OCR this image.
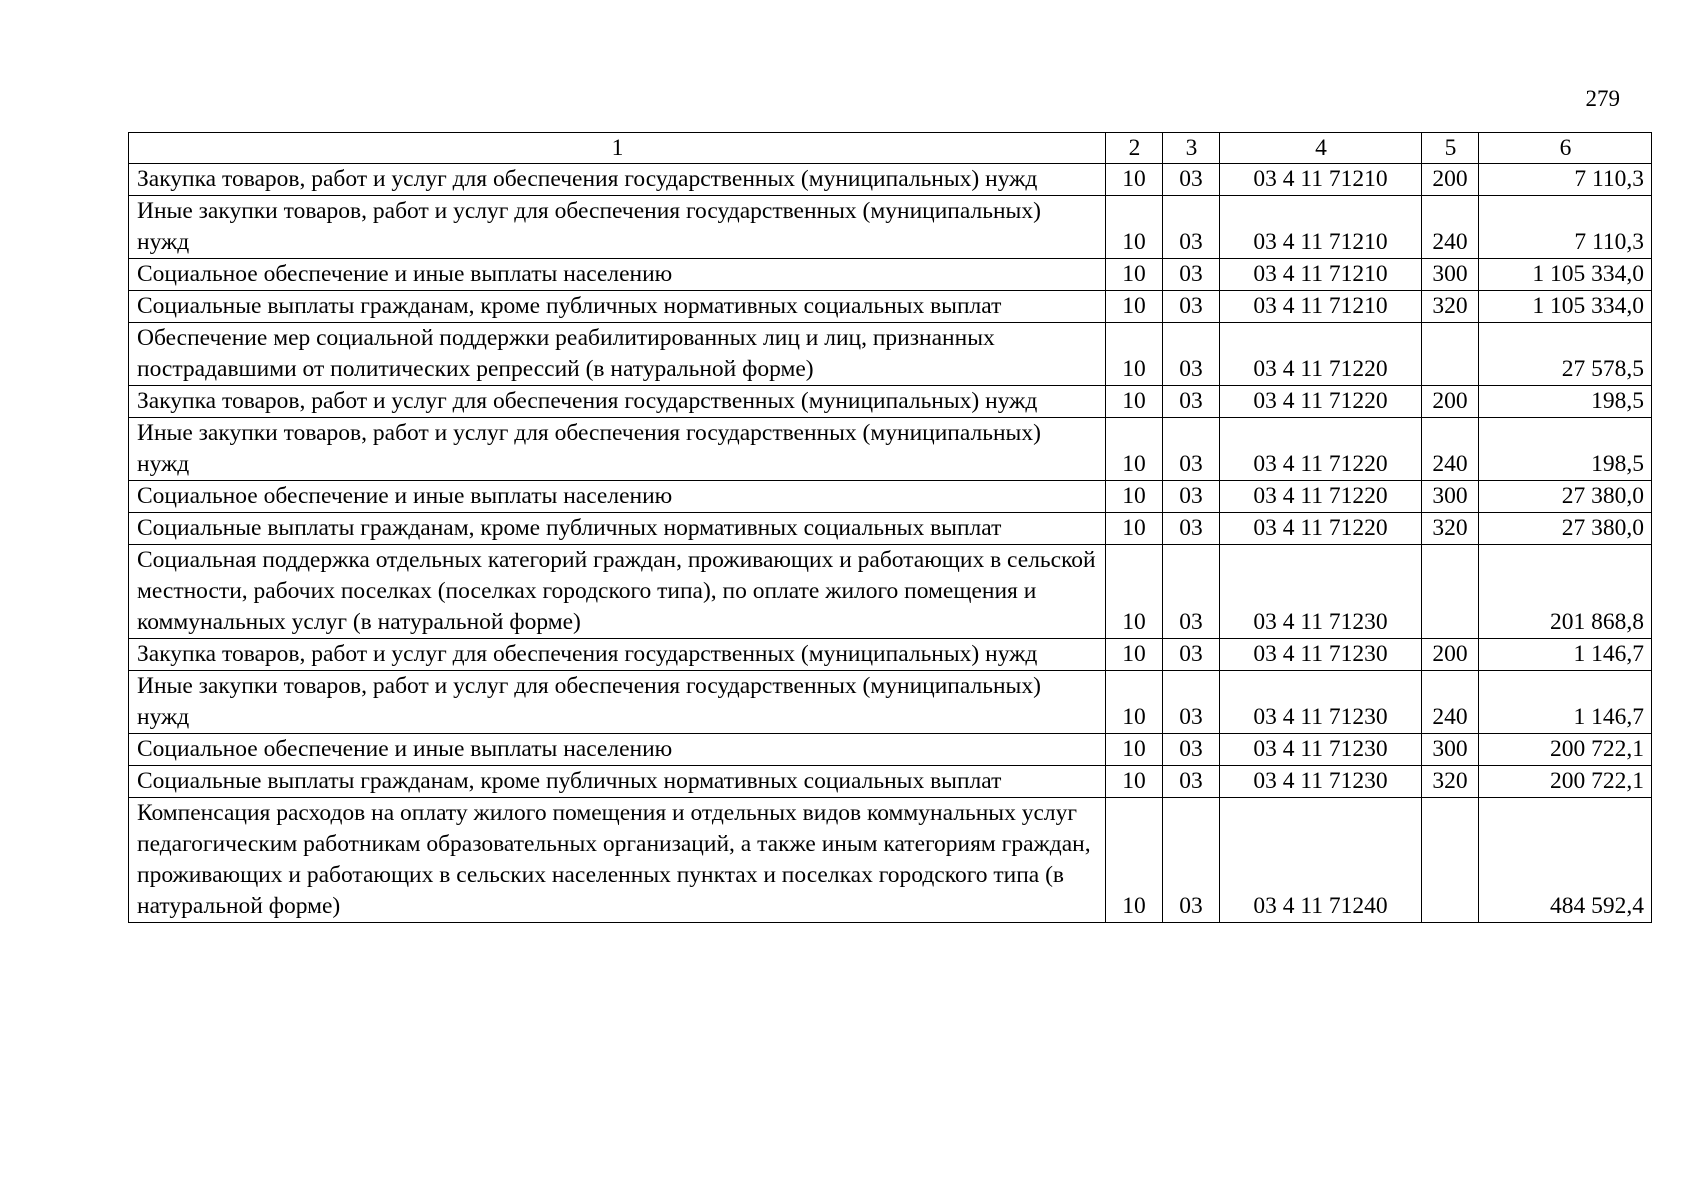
279
1	2	3	4	5	6
Закупка товаров, работ и услуг для обеспечения государственных (муниципальных) нужд	10	03	03 4 11 71210	200	7 110,3
Иные закупки товаров, работ и услуг для обеспечения государственных (муниципальных) нужд	10	03	03 4 11 71210	240	7 110,3
Социальное обеспечение и иные выплаты населению	10	03	03 4 11 71210	300	1 105 334,0
Социальные выплаты гражданам, кроме публичных нормативных социальных выплат	10	03	03 4 11 71210	320	1 105 334,0
Обеспечение мер социальной поддержки реабилитированных лиц и лиц, признанных пострадавшими от политических репрессий (в натуральной форме)	10	03	03 4 11 71220		27 578,5
Закупка товаров, работ и услуг для обеспечения государственных (муниципальных) нужд	10	03	03 4 11 71220	200	198,5
Иные закупки товаров, работ и услуг для обеспечения государственных (муниципальных) нужд	10	03	03 4 11 71220	240	198,5
Социальное обеспечение и иные выплаты населению	10	03	03 4 11 71220	300	27 380,0
Социальные выплаты гражданам, кроме публичных нормативных социальных выплат	10	03	03 4 11 71220	320	27 380,0
Социальная поддержка отдельных категорий граждан, проживающих и работающих в сельской местности, рабочих поселках (поселках городского типа), по оплате жилого помещения и коммунальных услуг (в натуральной форме)	10	03	03 4 11 71230		201 868,8
Закупка товаров, работ и услуг для обеспечения государственных (муниципальных) нужд	10	03	03 4 11 71230	200	1 146,7
Иные закупки товаров, работ и услуг для обеспечения государственных (муниципальных) нужд	10	03	03 4 11 71230	240	1 146,7
Социальное обеспечение и иные выплаты населению	10	03	03 4 11 71230	300	200 722,1
Социальные выплаты гражданам, кроме публичных нормативных социальных выплат	10	03	03 4 11 71230	320	200 722,1
Компенсация расходов на оплату жилого помещения и отдельных видов коммунальных услуг педагогическим работникам образовательных организаций, а также иным категориям граждан, проживающих и работающих в сельских населенных пунктах и поселках городского типа (в натуральной форме)	10	03	03 4 11 71240		484 592,4
